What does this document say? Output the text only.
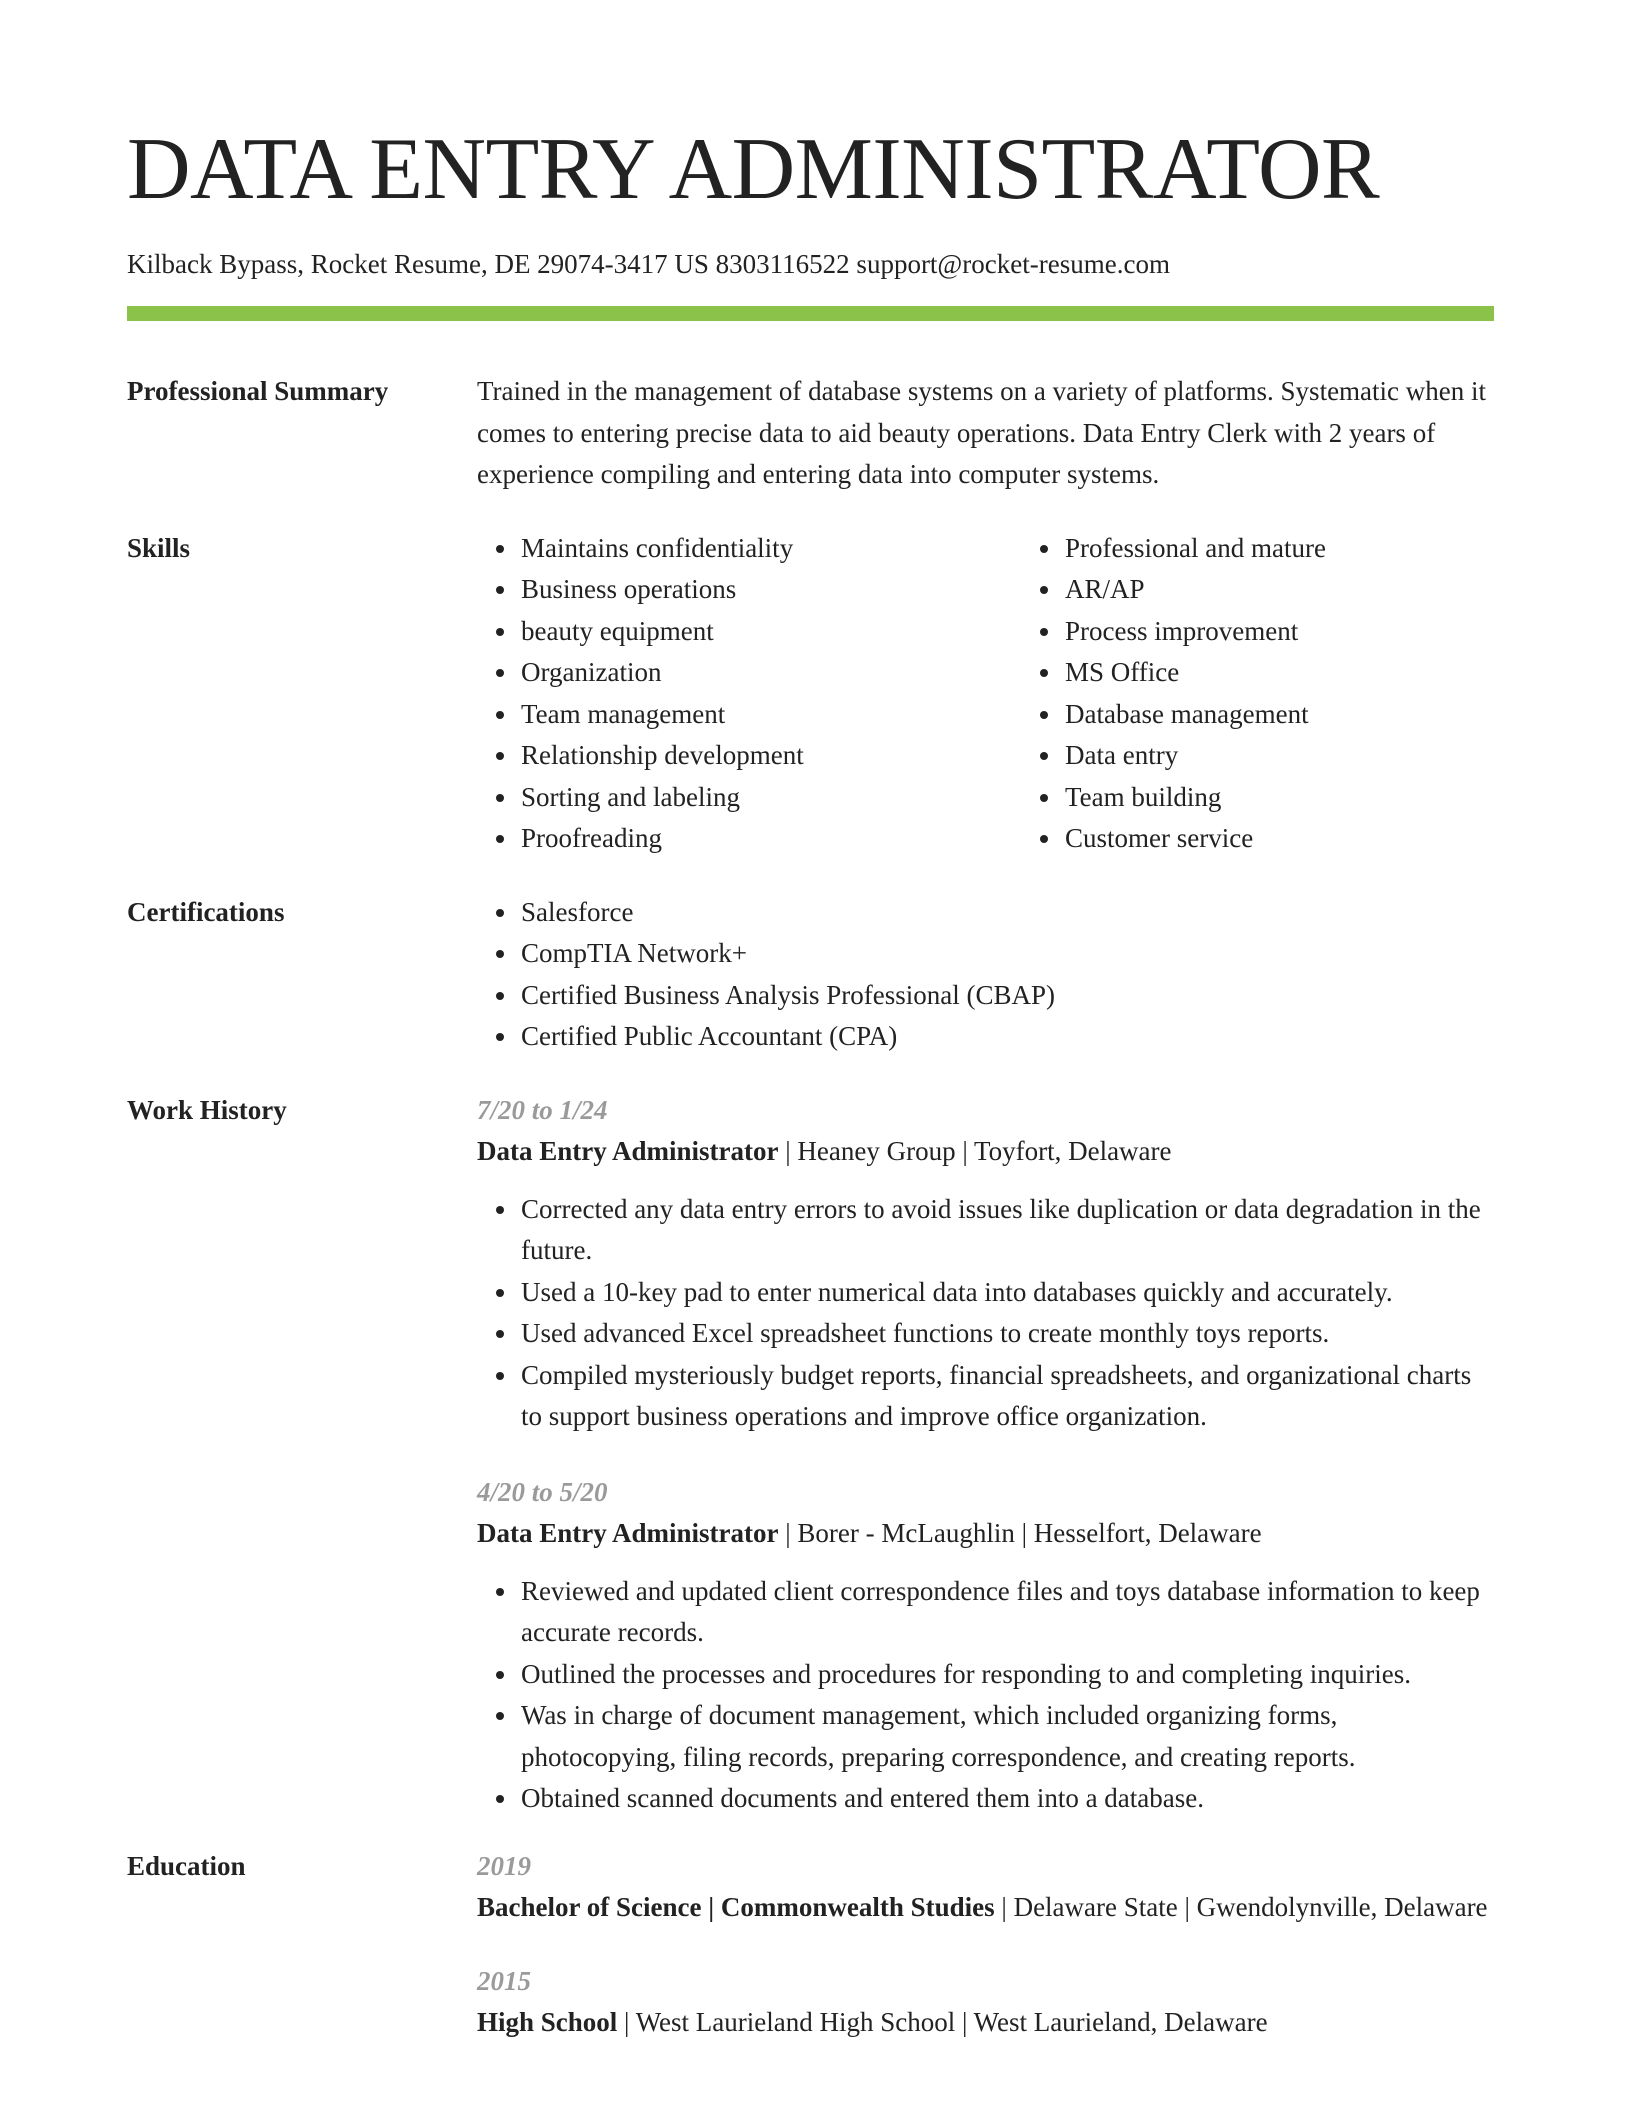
DATA ENTRY ADMINISTRATOR
Kilback Bypass, Rocket Resume, DE 29074-3417 US 8303116522 support@rocket-resume.com
Professional Summary	Trained in the management of database systems on a variety of platforms. Systematic when it comes to entering precise data to aid beauty operations. Data Entry Clerk with 2 years of experience compiling and entering data into computer systems.
Skills	Maintains confidentiality
Business operations
beauty equipment
Organization
Team management
Relationship development
Sorting and labeling
Proofreading
Professional and mature
AR/AP
Process improvement
MS Office
Database management
Data entry
Team building
Customer service
Certifications	Salesforce
CompTIA Network+
Certified Business Analysis Professional (CBAP)
Certified Public Accountant (CPA)
Work History	7/20 to 1/24
Data Entry Administrator | Heaney Group | Toyfort, Delaware
Corrected any data entry errors to avoid issues like duplication or data degradation in the future.
Used a 10-key pad to enter numerical data into databases quickly and accurately.
Used advanced Excel spreadsheet functions to create monthly toys reports.
Compiled mysteriously budget reports, financial spreadsheets, and organizational charts to support business operations and improve office organization.
4/20 to 5/20
Data Entry Administrator | Borer - McLaughlin | Hesselfort, Delaware
Reviewed and updated client correspondence files and toys database information to keep accurate records.
Outlined the processes and procedures for responding to and completing inquiries.
Was in charge of document management, which included organizing forms, photocopying, filing records, preparing correspondence, and creating reports.
Obtained scanned documents and entered them into a database.
Education	2019
Bachelor of Science | Commonwealth Studies | Delaware State | Gwendolynville, Delaware
2015
High School | West Laurieland High School | West Laurieland, Delaware
